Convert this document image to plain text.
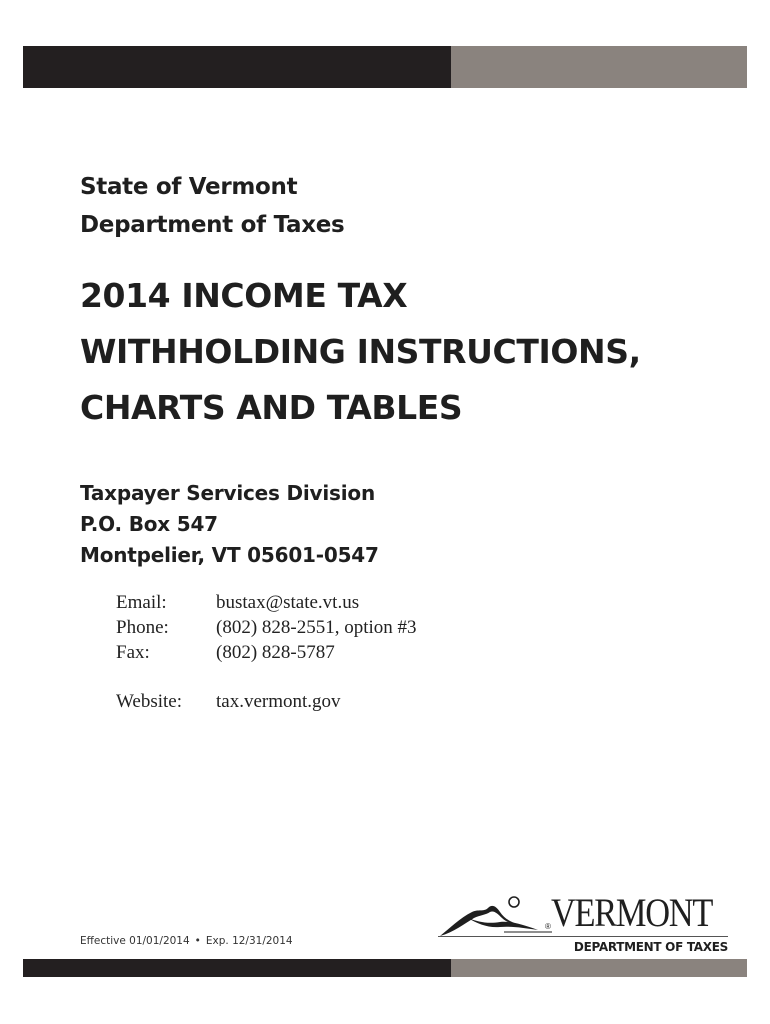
State of Vermont
Department of Taxes
2014 INCOME TAX
WITHHOLDING INSTRUCTIONS,
CHARTS AND TABLES
Taxpayer Services Division
P.O. Box 547
Montpelier, VT 05601-0547
Email:	bustax@state.vt.us
Phone:	(802) 828-2551, option #3
Fax:	(802) 828-5787
Website:	tax.vermont.gov
Effective 01/01/2014 • Exp. 12/31/2014
VERMONT
®
DEPARTMENT OF TAXES
